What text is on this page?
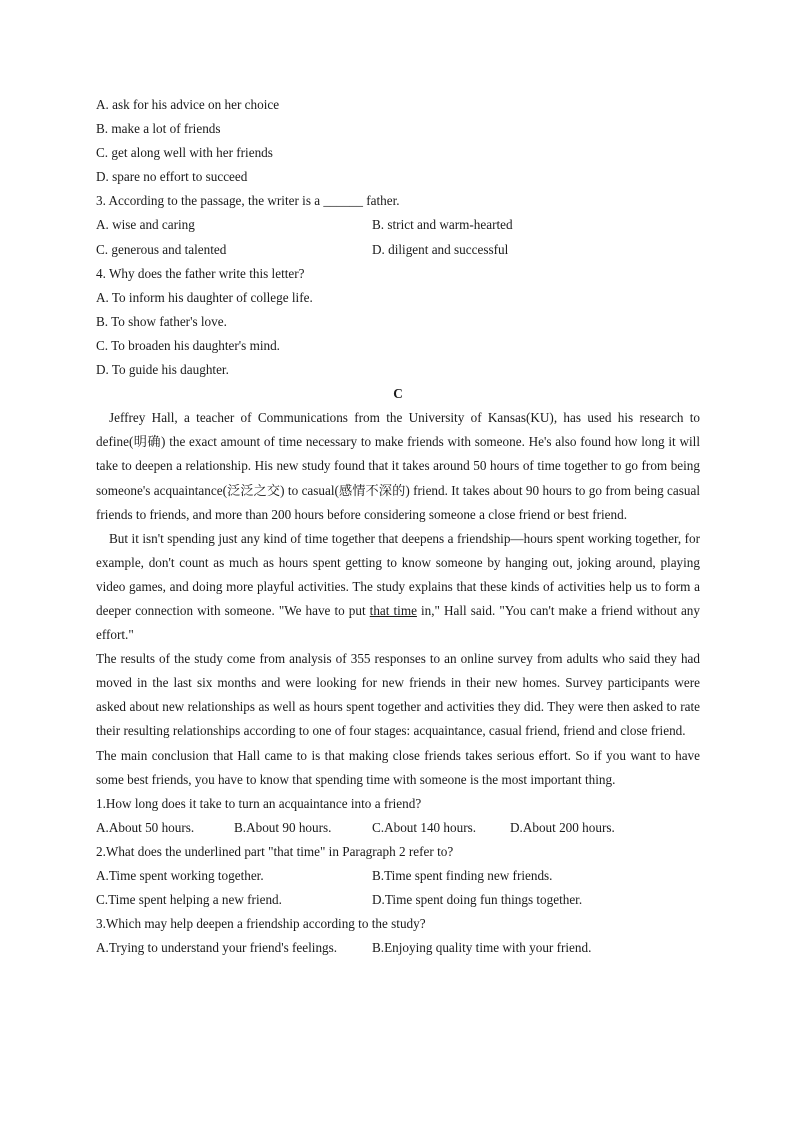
A. ask for his advice on her choice
B. make a lot of friends
C. get along well with her friends
D. spare no effort to succeed
3. According to the passage, the writer is a ______ father.
A. wise and caring	B. strict and warm-hearted
C. generous and talented	D. diligent and successful
4. Why does the father write this letter?
A. To inform his daughter of college life.
B. To show father's love.
C. To broaden his daughter's mind.
D. To guide his daughter.
C

Jeffrey Hall, a teacher of Communications from the University of Kansas(KU), has used his research to define(明确) the exact amount of time necessary to make friends with someone. He's also found how long it will take to deepen a relationship. His new study found that it takes around 50 hours of time together to go from being someone's acquaintance(泛泛之交) to casual(感情不深的) friend. It takes about 90 hours to go from being casual friends to friends, and more than 200 hours before considering someone a close friend or best friend.

But it isn't spending just any kind of time together that deepens a friendship—hours spent working together, for example, don't count as much as hours spent getting to know someone by hanging out, joking around, playing video games, and doing more playful activities. The study explains that these kinds of activities help us to form a deeper connection with someone. "We have to put that time in," Hall said. "You can't make a friend without any effort."

The results of the study come from analysis of 355 responses to an online survey from adults who said they had moved in the last six months and were looking for new friends in their new homes. Survey participants were asked about new relationships as well as hours spent together and activities they did. They were then asked to rate their resulting relationships according to one of four stages: acquaintance, casual friend, friend and close friend.

The main conclusion that Hall came to is that making close friends takes serious effort. So if you want to have some best friends, you have to know that spending time with someone is the most important thing.

1.How long does it take to turn an acquaintance into a friend?
A.About 50 hours.	B.About 90 hours.	C.About 140 hours.	D.About 200 hours.
2.What does the underlined part "that time" in Paragraph 2 refer to?
A.Time spent working together.	B.Time spent finding new friends.
C.Time spent helping a new friend.	D.Time spent doing fun things together.
3.Which may help deepen a friendship according to the study?
A.Trying to understand your friend's feelings.	B.Enjoying quality time with your friend.
